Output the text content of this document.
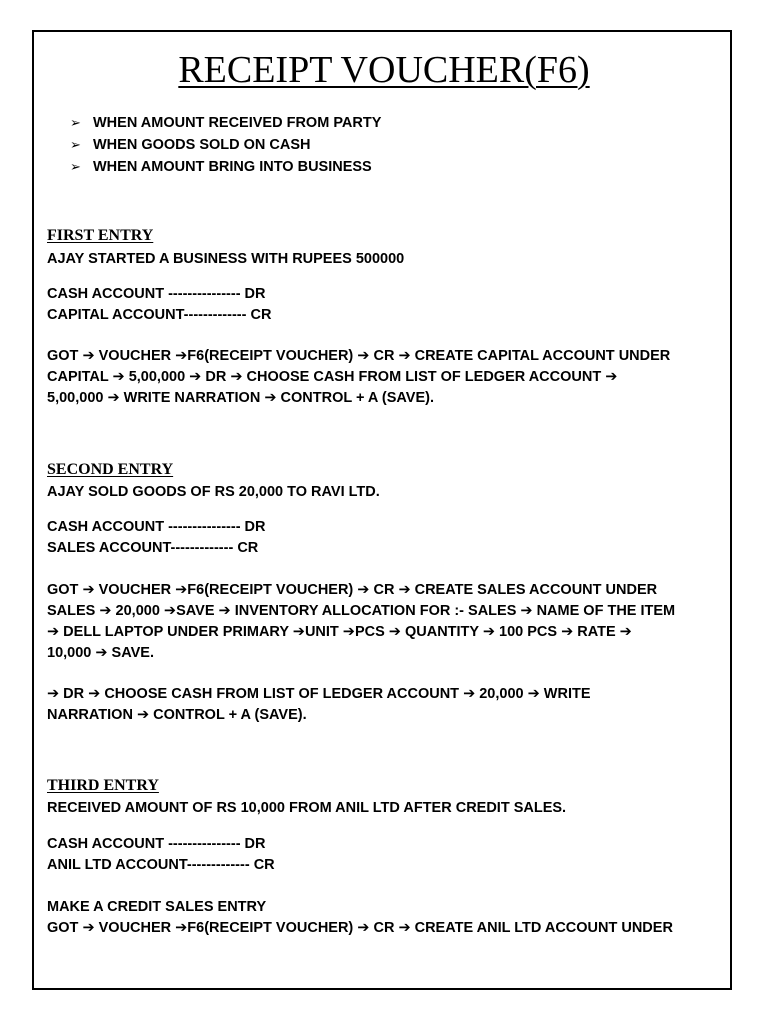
RECEIPT VOUCHER(F6)
➢ WHEN AMOUNT RECEIVED FROM PARTY
➢ WHEN GOODS SOLD ON CASH
➢ WHEN AMOUNT BRING INTO BUSINESS
FIRST ENTRY

AJAY STARTED A BUSINESS WITH RUPEES 500000

CASH ACCOUNT --------------- DR
CAPITAL ACCOUNT------------- CR
GOT ➔ VOUCHER ➔F6(RECEIPT VOUCHER) ➔ CR ➔ CREATE CAPITAL ACCOUNT UNDER
CAPITAL ➔ 5,00,000 ➔ DR ➔ CHOOSE CASH FROM LIST OF LEDGER ACCOUNT ➔
5,00,000 ➔ WRITE NARRATION ➔ CONTROL + A (SAVE).
SECOND ENTRY

AJAY SOLD GOODS OF RS 20,000 TO RAVI LTD.

CASH ACCOUNT --------------- DR
SALES ACCOUNT------------- CR
GOT ➔ VOUCHER ➔F6(RECEIPT VOUCHER) ➔ CR ➔ CREATE SALES ACCOUNT UNDER
SALES ➔ 20,000 ➔SAVE ➔ INVENTORY ALLOCATION FOR :- SALES ➔ NAME OF THE ITEM
➔ DELL LAPTOP UNDER PRIMARY ➔UNIT ➔PCS ➔ QUANTITY ➔ 100 PCS ➔ RATE ➔
10,000 ➔ SAVE.
➔ DR ➔ CHOOSE CASH FROM LIST OF LEDGER ACCOUNT ➔ 20,000 ➔ WRITE
NARRATION ➔ CONTROL + A (SAVE).
THIRD ENTRY

RECEIVED AMOUNT OF RS 10,000 FROM ANIL LTD AFTER CREDIT SALES.

CASH ACCOUNT --------------- DR
ANIL LTD ACCOUNT------------- CR
MAKE A CREDIT SALES ENTRY
GOT ➔ VOUCHER ➔F6(RECEIPT VOUCHER) ➔ CR ➔ CREATE ANIL LTD ACCOUNT UNDER
